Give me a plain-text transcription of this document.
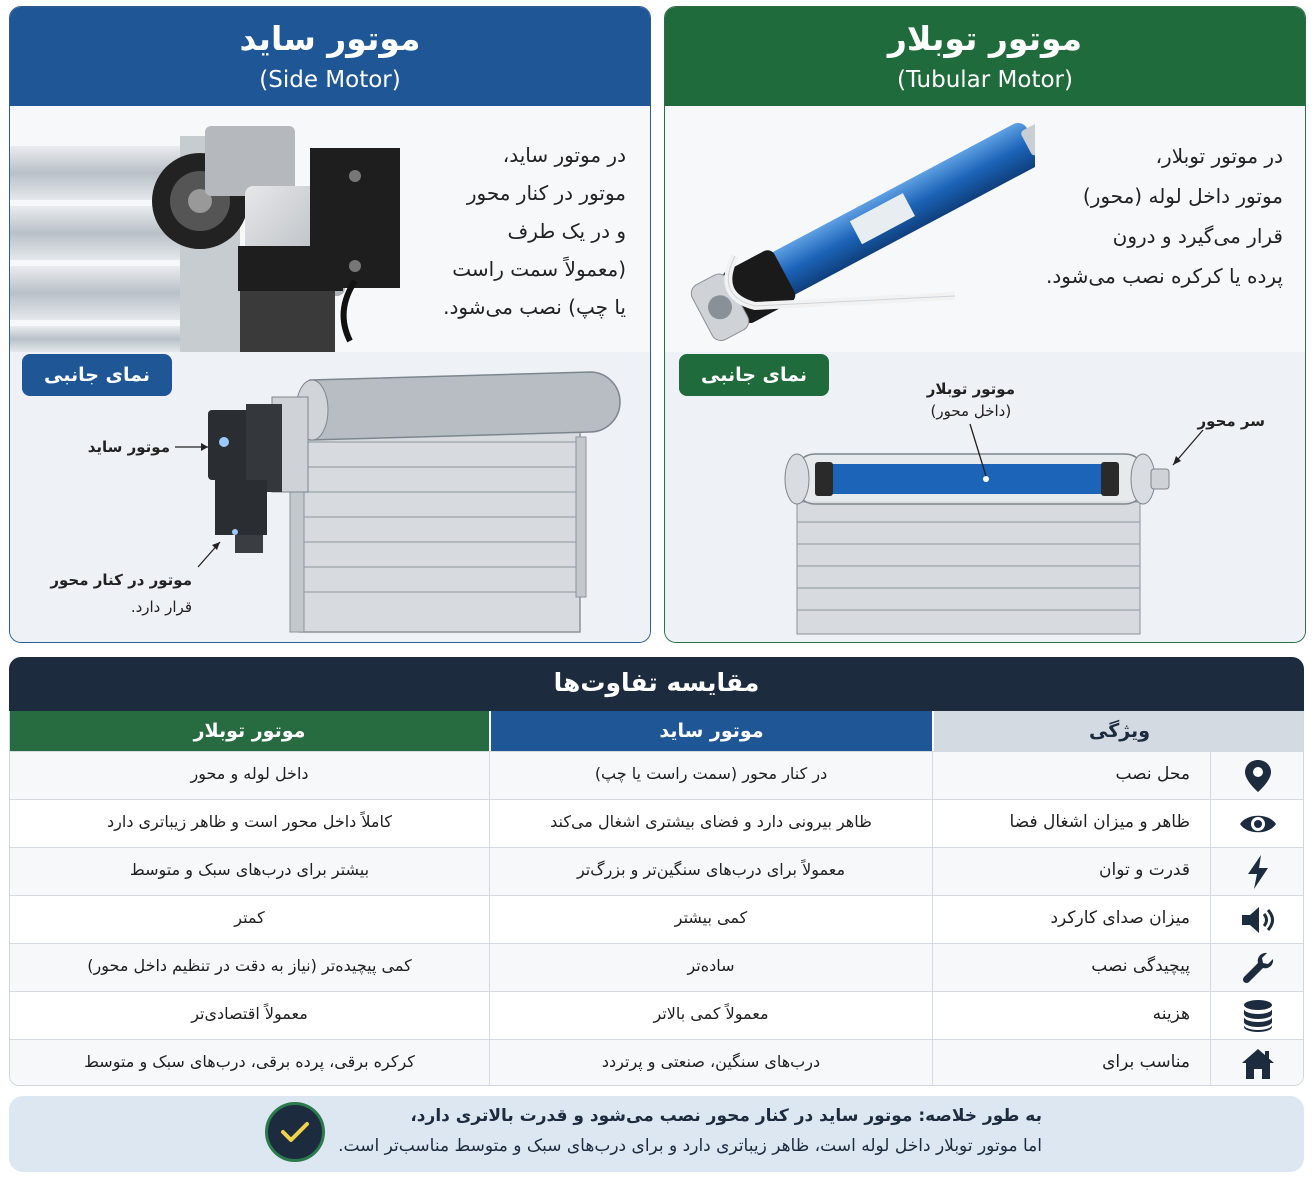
موتور ساید
(Side Motor)
در موتور ساید،
موتور در کنار محور
و در یک طرف
(معمولاً سمت راست
یا چپ) نصب می‌شود.
نمای جانبی
موتور ساید
موتور در کنار محور
قرار دارد.
موتور توبلار
(Tubular Motor)
در موتور توبلار،
موتور داخل لوله (محور)
قرار می‌گیرد و درون
پرده یا کرکره نصب می‌شود.
نمای جانبی
موتور توبلار
(داخل محور)
سر محور
مقایسه تفاوت‌ها
موتور توبلار	موتور ساید	ویژگی
داخل لوله و محور	در کنار محور (سمت راست یا چپ)	محل نصب
کاملاً داخل محور است و ظاهر زیباتری دارد	ظاهر بیرونی دارد و فضای بیشتری اشغال می‌کند	ظاهر و میزان اشغال فضا
بیشتر برای درب‌های سبک و متوسط	معمولاً برای درب‌های سنگین‌تر و بزرگ‌تر	قدرت و توان
کمتر	کمی بیشتر	میزان صدای کارکرد
کمی پیچیده‌تر (نیاز به دقت در تنظیم داخل محور)	ساده‌تر	پیچیدگی نصب
معمولاً اقتصادی‌تر	معمولاً کمی بالاتر	هزینه
کرکره برقی، پرده برقی، درب‌های سبک و متوسط	درب‌های سنگین، صنعتی و پرتردد	مناسب برای
به طور خلاصه: موتور ساید در کنار محور نصب می‌شود و قدرت بالاتری دارد،
اما موتور توبلار داخل لوله است، ظاهر زیباتری دارد و برای درب‌های سبک و متوسط مناسب‌تر است.
